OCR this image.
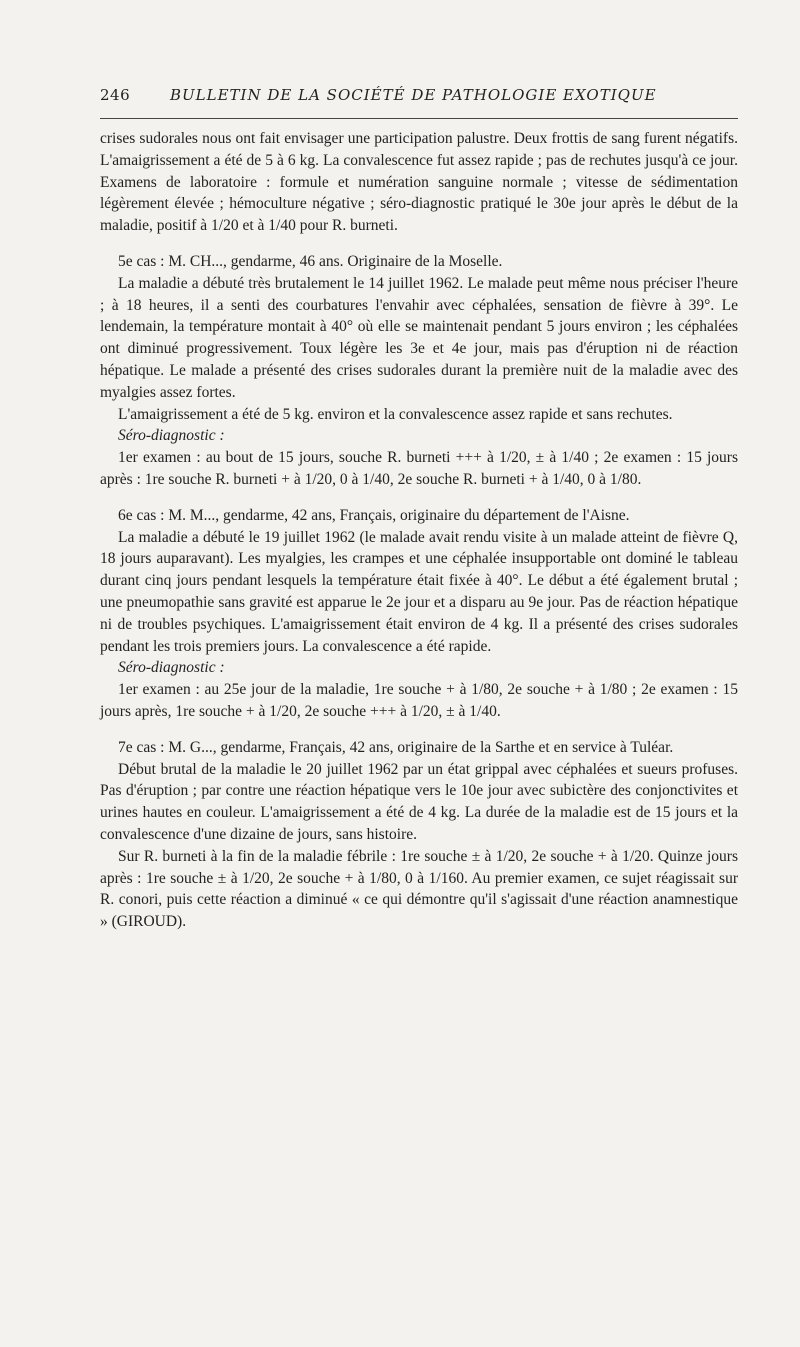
246	BULLETIN DE LA SOCIÉTÉ DE PATHOLOGIE EXOTIQUE

crises sudorales nous ont fait envisager une participation palustre. Deux frottis de sang furent négatifs. L'amaigrissement a été de 5 à 6 kg. La convalescence fut assez rapide ; pas de rechutes jusqu'à ce jour. Examens de laboratoire : formule et numération sanguine normale ; vitesse de sédimentation légèrement élevée ; hémoculture négative ; séro-diagnostic pratiqué le 30e jour après le début de la maladie, positif à 1/20 et à 1/40 pour R. burneti.

5e cas : M. CH..., gendarme, 46 ans. Originaire de la Moselle.

La maladie a débuté très brutalement le 14 juillet 1962. Le malade peut même nous préciser l'heure ; à 18 heures, il a senti des courbatures l'envahir avec céphalées, sensation de fièvre à 39°. Le lendemain, la température montait à 40° où elle se maintenait pendant 5 jours environ ; les céphalées ont diminué progressivement. Toux légère les 3e et 4e jour, mais pas d'éruption ni de réaction hépatique. Le malade a présenté des crises sudorales durant la première nuit de la maladie avec des myalgies assez fortes.

L'amaigrissement a été de 5 kg. environ et la convalescence assez rapide et sans rechutes.

Séro-diagnostic :

1er examen : au bout de 15 jours, souche R. burneti +++ à 1/20, ± à 1/40 ; 2e examen : 15 jours après : 1re souche R. burneti + à 1/20, 0 à 1/40, 2e souche R. burneti + à 1/40, 0 à 1/80.

6e cas : M. M..., gendarme, 42 ans, Français, originaire du département de l'Aisne.

La maladie a débuté le 19 juillet 1962 (le malade avait rendu visite à un malade atteint de fièvre Q, 18 jours auparavant). Les myalgies, les crampes et une céphalée insupportable ont dominé le tableau durant cinq jours pendant lesquels la température était fixée à 40°. Le début a été également brutal ; une pneumopathie sans gravité est apparue le 2e jour et a disparu au 9e jour. Pas de réaction hépatique ni de troubles psychiques. L'amaigrissement était environ de 4 kg. Il a présenté des crises sudorales pendant les trois premiers jours. La convalescence a été rapide.

Séro-diagnostic :

1er examen : au 25e jour de la maladie, 1re souche + à 1/80, 2e souche + à 1/80 ; 2e examen : 15 jours après, 1re souche + à 1/20, 2e souche +++ à 1/20, ± à 1/40.

7e cas : M. G..., gendarme, Français, 42 ans, originaire de la Sarthe et en service à Tuléar.

Début brutal de la maladie le 20 juillet 1962 par un état grippal avec céphalées et sueurs profuses. Pas d'éruption ; par contre une réaction hépatique vers le 10e jour avec subictère des conjonctivites et urines hautes en couleur. L'amaigrissement a été de 4 kg. La durée de la maladie est de 15 jours et la convalescence d'une dizaine de jours, sans histoire.

Sur R. burneti à la fin de la maladie fébrile : 1re souche ± à 1/20, 2e souche + à 1/20. Quinze jours après : 1re souche ± à 1/20, 2e souche + à 1/80, 0 à 1/160. Au premier examen, ce sujet réagissait sur R. conori, puis cette réaction a diminué « ce qui démontre qu'il s'agissait d'une réaction anamnestique » (GIROUD).
